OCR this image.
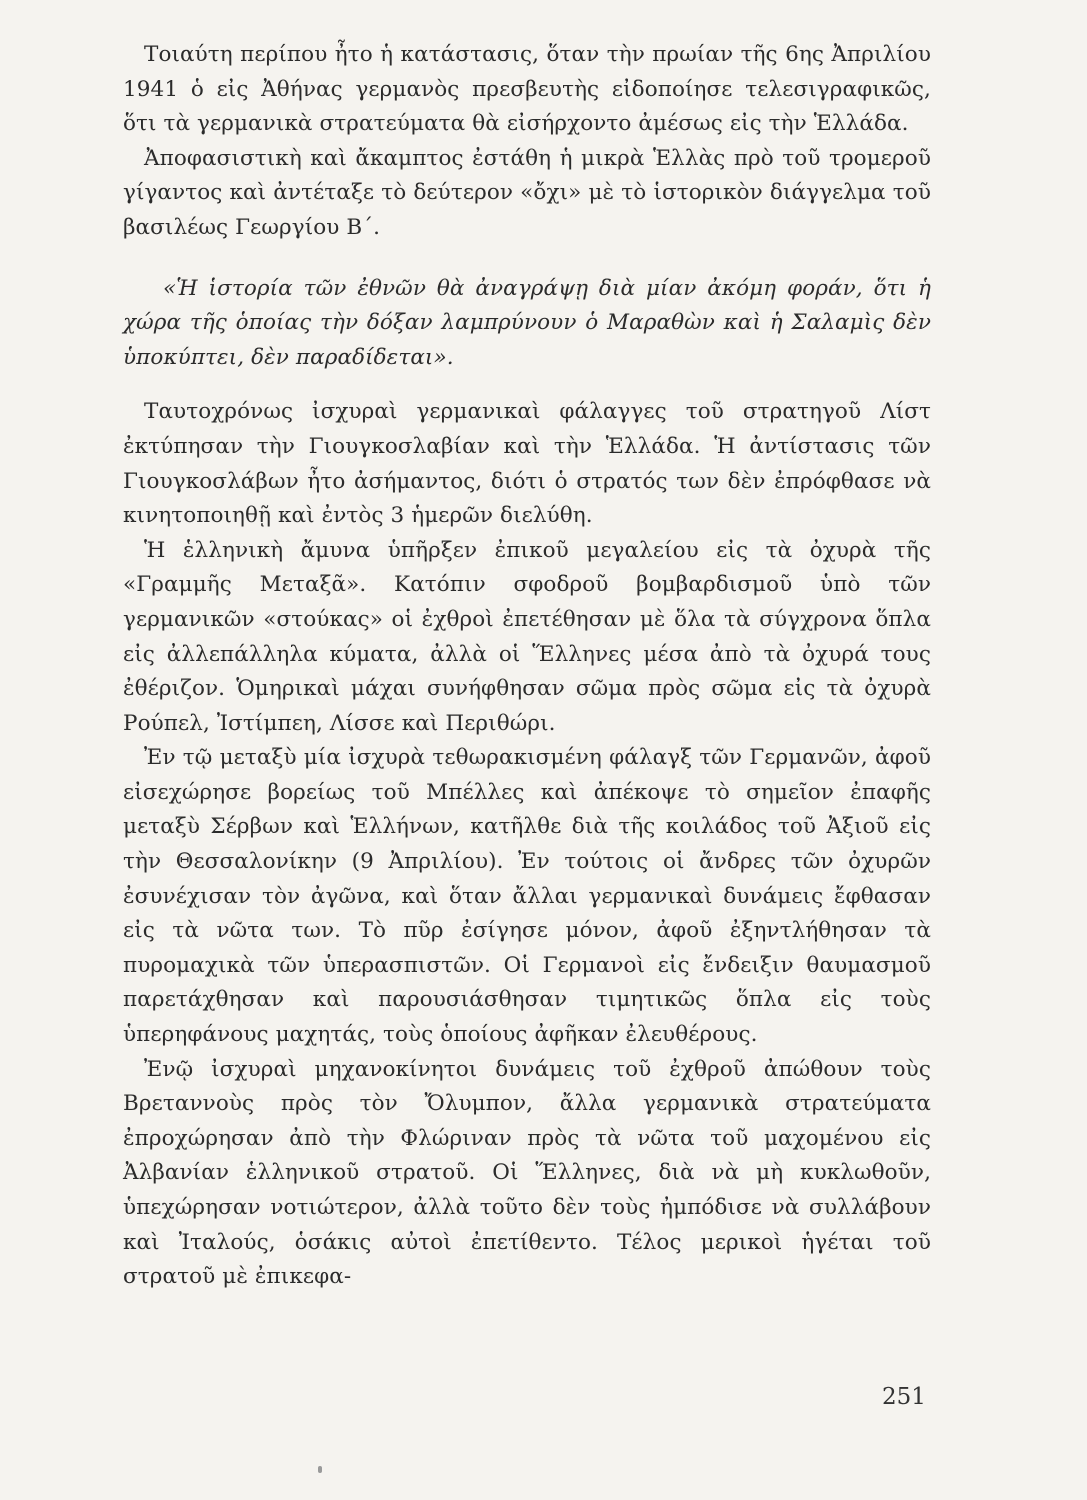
Τοιαύτη περίπου ἦτο ἡ κατάστασις, ὅταν τὴν πρωίαν τῆς 6ης Ἀπριλίου 1941 ὁ εἰς Ἀθήνας γερμανὸς πρεσβευτὴς εἰδοποίησε τελεσιγραφικῶς, ὅτι τὰ γερμανικὰ στρατεύματα θὰ εἰσήρχοντο ἀμέσως εἰς τὴν Ἑλλάδα.

Ἀποφασιστικὴ καὶ ἄκαμπτος ἐστάθη ἡ μικρὰ Ἑλλὰς πρὸ τοῦ τρομεροῦ γίγαντος καὶ ἀντέταξε τὸ δεύτερον «ὄχι» μὲ τὸ ἱστορικὸν διάγγελμα τοῦ βασιλέως Γεωργίου Β΄.

«Ἡ ἱστορία τῶν ἐθνῶν θὰ ἀναγράψῃ διὰ μίαν ἀκόμη φοράν, ὅτι ἡ χώρα τῆς ὁποίας τὴν δόξαν λαμπρύνουν ὁ Μαραθὼν καὶ ἡ Σαλαμὶς δὲν ὑποκύπτει, δὲν παραδίδεται».

Ταυτοχρόνως ἰσχυραὶ γερμανικαὶ φάλαγγες τοῦ στρατηγοῦ Λίστ ἐκτύπησαν τὴν Γιουγκοσλαβίαν καὶ τὴν Ἑλλάδα. Ἡ ἀντίστασις τῶν Γιουγκοσλάβων ἦτο ἀσήμαντος, διότι ὁ στρατός των δὲν ἐπρόφθασε νὰ κινητοποιηθῇ καὶ ἐντὸς 3 ἡμερῶν διελύθη.

Ἡ ἑλληνικὴ ἄμυνα ὑπῆρξεν ἐπικοῦ μεγαλείου εἰς τὰ ὀχυρὰ τῆς «Γραμμῆς Μεταξᾶ». Κατόπιν σφοδροῦ βομβαρδισμοῦ ὑπὸ τῶν γερμανικῶν «στούκας» οἱ ἐχθροὶ ἐπετέθησαν μὲ ὅλα τὰ σύγχρονα ὅπλα εἰς ἀλλεπάλληλα κύματα, ἀλλὰ οἱ Ἕλληνες μέσα ἀπὸ τὰ ὀχυρά τους ἐθέριζον. Ὁμηρικαὶ μάχαι συνήφθησαν σῶμα πρὸς σῶμα εἰς τὰ ὀχυρὰ Ρούπελ, Ἰστίμπεη, Λίσσε καὶ Περιθώρι.

Ἐν τῷ μεταξὺ μία ἰσχυρὰ τεθωρακισμένη φάλαγξ τῶν Γερμανῶν, ἀφοῦ εἰσεχώρησε βορείως τοῦ Μπέλλες καὶ ἀπέκοψε τὸ σημεῖον ἐπαφῆς μεταξὺ Σέρβων καὶ Ἑλλήνων, κατῆλθε διὰ τῆς κοιλάδος τοῦ Ἀξιοῦ εἰς τὴν Θεσσαλονίκην (9 Ἀπριλίου). Ἐν τούτοις οἱ ἄνδρες τῶν ὀχυρῶν ἐσυνέχισαν τὸν ἀγῶνα, καὶ ὅταν ἄλλαι γερμανικαὶ δυνάμεις ἔφθασαν εἰς τὰ νῶτα των. Τὸ πῦρ ἐσίγησε μόνον, ἀφοῦ ἐξηντλήθησαν τὰ πυρομαχικὰ τῶν ὑπερασπιστῶν. Οἱ Γερμανοὶ εἰς ἔνδειξιν θαυμασμοῦ παρετάχθησαν καὶ παρουσιάσθησαν τιμητικῶς ὅπλα εἰς τοὺς ὑπερηφάνους μαχητάς, τοὺς ὁποίους ἀφῆκαν ἐλευθέρους.

Ἐνῷ ἰσχυραὶ μηχανοκίνητοι δυνάμεις τοῦ ἐχθροῦ ἀπώθουν τοὺς Βρεταννοὺς πρὸς τὸν Ὄλυμπον, ἄλλα γερμανικὰ στρατεύματα ἐπροχώρησαν ἀπὸ τὴν Φλώριναν πρὸς τὰ νῶτα τοῦ μαχομένου εἰς Ἀλβανίαν ἑλληνικοῦ στρατοῦ. Οἱ Ἕλληνες, διὰ νὰ μὴ κυκλωθοῦν, ὑπεχώρησαν νοτιώτερον, ἀλλὰ τοῦτο δὲν τοὺς ἠμπόδισε νὰ συλλάβουν καὶ Ἰταλούς, ὁσάκις αὐτοὶ ἐπετίθεντο. Τέλος μερικοὶ ἡγέται τοῦ στρατοῦ μὲ ἐπικεφα-

251
